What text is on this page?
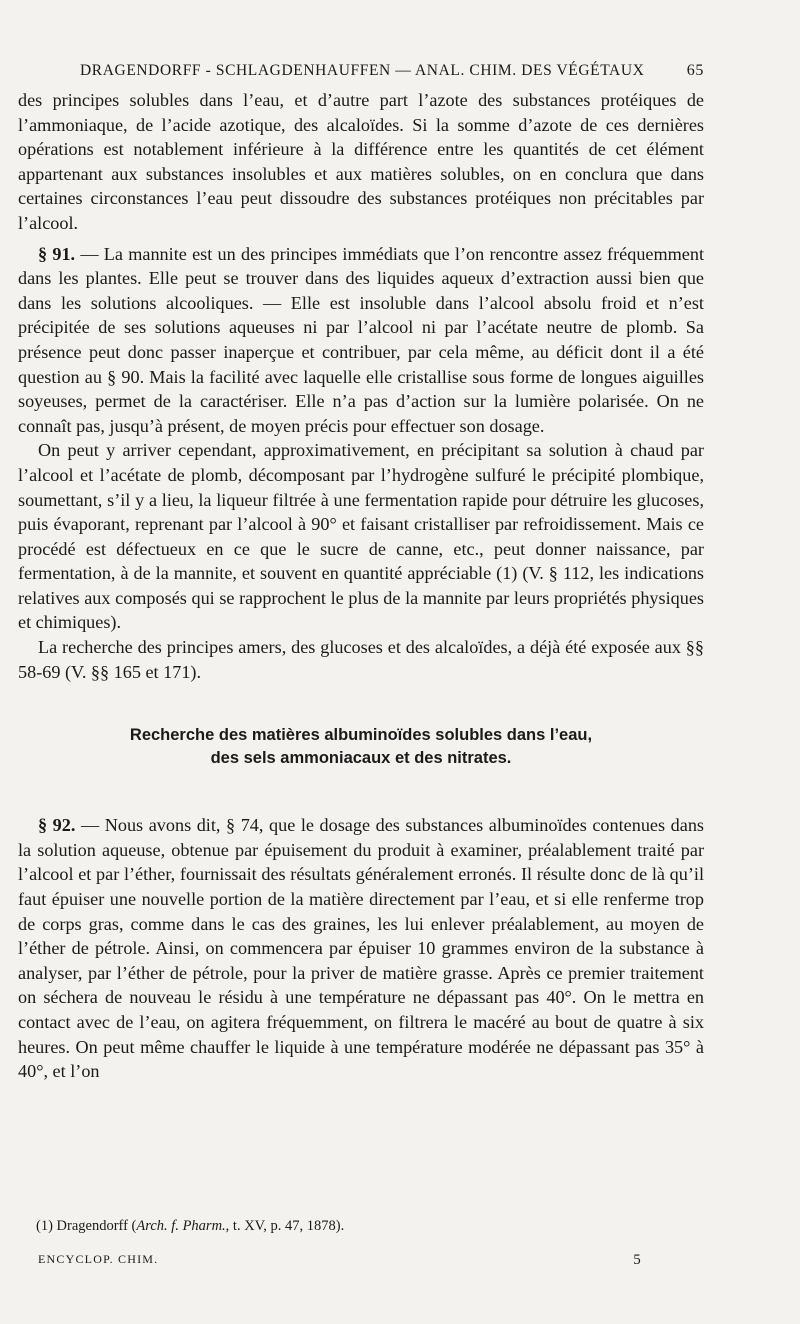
DRAGENDORFF - SCHLAGDENHAUFFEN — ANAL. CHIM. DES VÉGÉTAUX	65

des principes solubles dans l’eau, et d’autre part l’azote des substances protéiques de l’ammoniaque, de l’acide azotique, des alcaloïdes. Si la somme d’azote de ces dernières opérations est notablement inférieure à la différence entre les quantités de cet élément appartenant aux substances insolubles et aux matières solubles, on en conclura que dans certaines circonstances l’eau peut dissoudre des substances protéiques non précitables par l’alcool.

§ 91. — La mannite est un des principes immédiats que l’on rencontre assez fréquemment dans les plantes. Elle peut se trouver dans des liquides aqueux d’extraction aussi bien que dans les solutions alcooliques. — Elle est insoluble dans l’alcool absolu froid et n’est précipitée de ses solutions aqueuses ni par l’alcool ni par l’acétate neutre de plomb. Sa présence peut donc passer inaperçue et contribuer, par cela même, au déficit dont il a été question au § 90. Mais la facilité avec laquelle elle cristallise sous forme de longues aiguilles soyeuses, permet de la caractériser. Elle n’a pas d’action sur la lumière polarisée. On ne connaît pas, jusqu’à présent, de moyen précis pour effectuer son dosage.

On peut y arriver cependant, approximativement, en précipitant sa solution à chaud par l’alcool et l’acétate de plomb, décomposant par l’hydrogène sulfuré le précipité plombique, soumettant, s’il y a lieu, la liqueur filtrée à une fermentation rapide pour détruire les glucoses, puis évaporant, reprenant par l’alcool à 90° et faisant cristalliser par refroidissement. Mais ce procédé est défectueux en ce que le sucre de canne, etc., peut donner naissance, par fermentation, à de la mannite, et souvent en quantité appréciable (1) (V. § 112, les indications relatives aux composés qui se rapprochent le plus de la mannite par leurs propriétés physiques et chimiques).

La recherche des principes amers, des glucoses et des alcaloïdes, a déjà été exposée aux §§ 58-69 (V. §§ 165 et 171).

Recherche des matières albuminoïdes solubles dans l’eau,
des sels ammoniacaux et des nitrates.

§ 92. — Nous avons dit, § 74, que le dosage des substances albuminoïdes contenues dans la solution aqueuse, obtenue par épuisement du produit à examiner, préalablement traité par l’alcool et par l’éther, fournissait des résultats généralement erronés. Il résulte donc de là qu’il faut épuiser une nouvelle portion de la matière directement par l’eau, et si elle renferme trop de corps gras, comme dans le cas des graines, les lui enlever préalablement, au moyen de l’éther de pétrole. Ainsi, on commencera par épuiser 10 grammes environ de la substance à analyser, par l’éther de pétrole, pour la priver de matière grasse. Après ce premier traitement on séchera de nouveau le résidu à une température ne dépassant pas 40°. On le mettra en contact avec de l’eau, on agitera fréquemment, on filtrera le macéré au bout de quatre à six heures. On peut même chauffer le liquide à une température modérée ne dépassant pas 35° à 40°, et l’on

(1) Dragendorff (Arch. f. Pharm., t. XV, p. 47, 1878).
ENCYCLOP. CHIM.	5
